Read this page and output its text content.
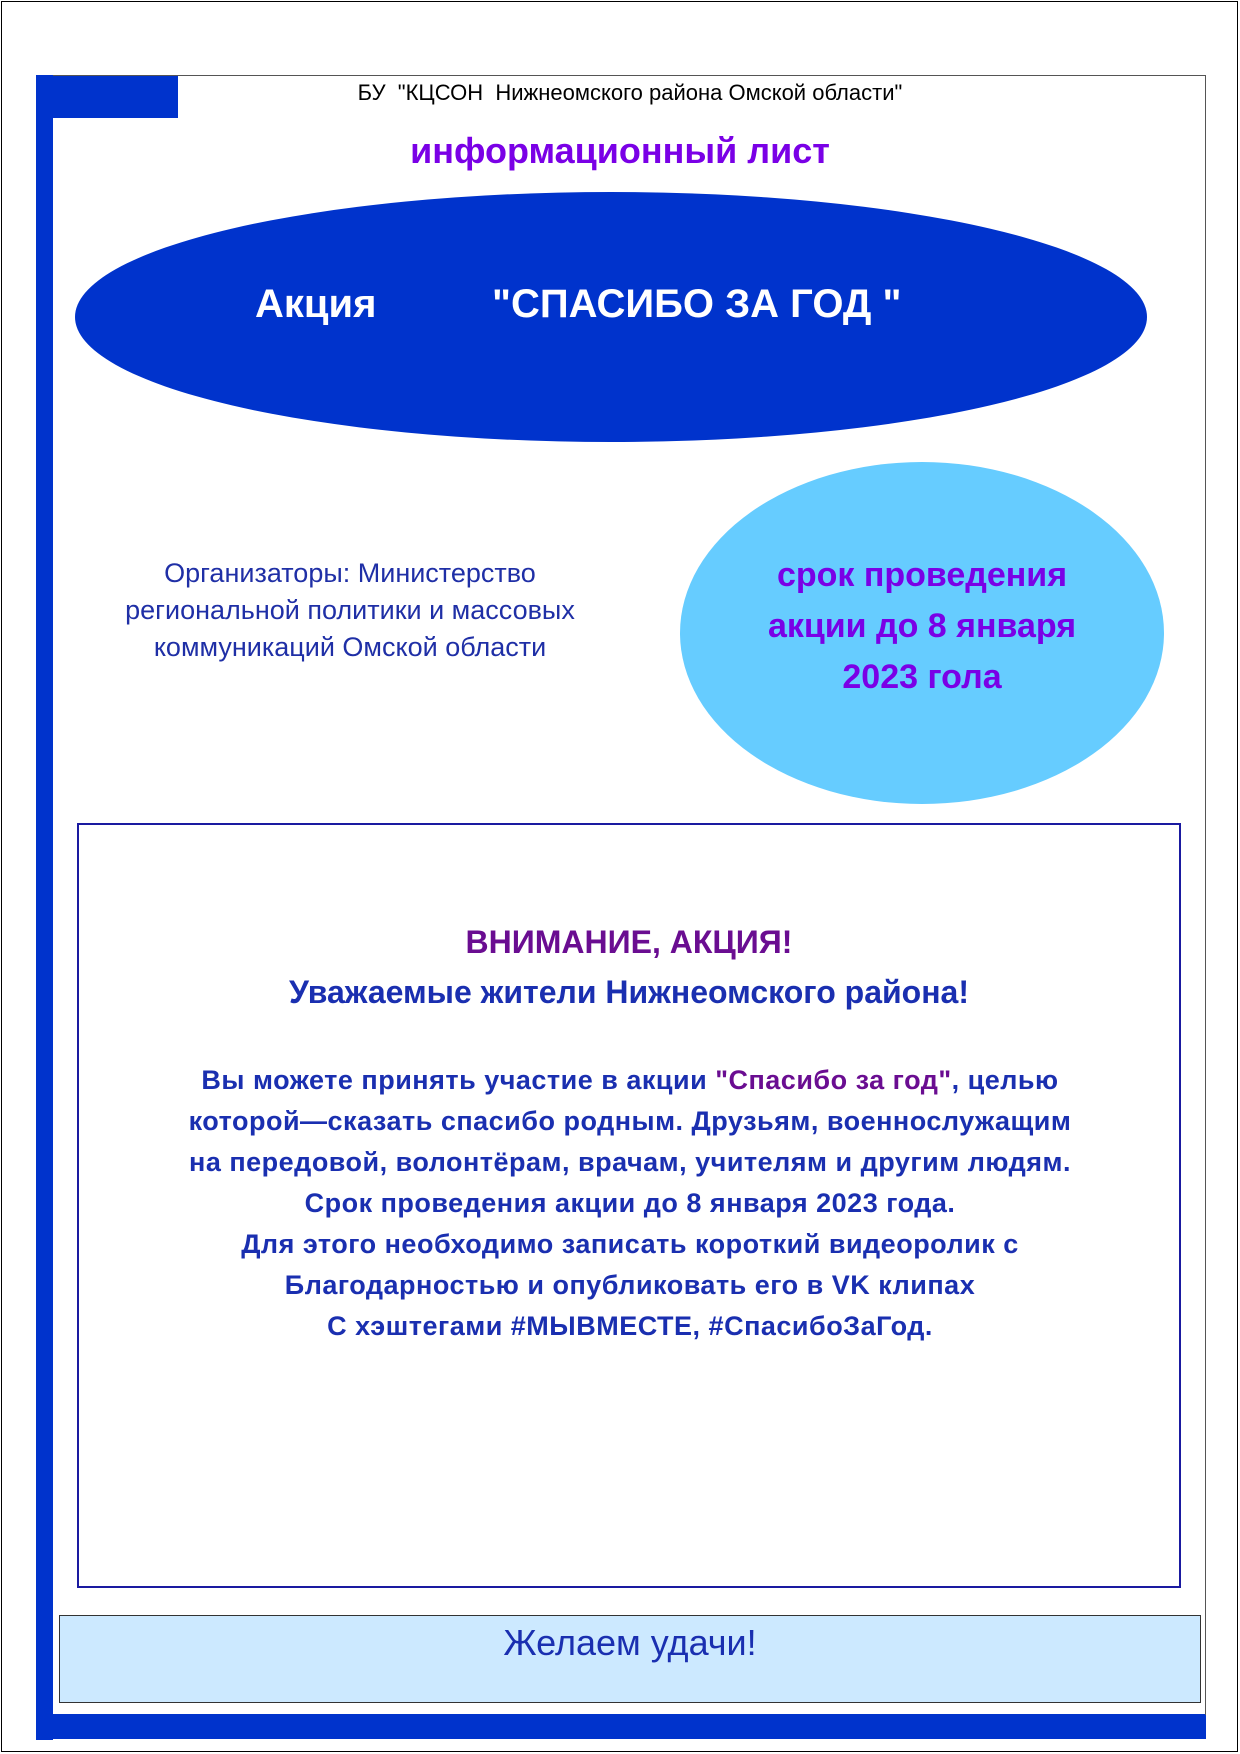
БУ  "КЦСОН  Нижнеомского района Омской области"
информационный лист
Акция	"СПАСИБО ЗА ГОД "
Организаторы: Министерство
региональной политики и массовых
коммуникаций Омской области
срок проведения
акции до 8 января
2023 гола
ВНИМАНИЕ, АКЦИЯ!
Уважаемые жители Нижнеомского района!
Вы можете принять участие в акции "Спасибо за год", целью
которой—сказать спасибо родным. Друзьям, военнослужащим
на передовой, волонтёрам, врачам, учителям и другим людям.
Срок проведения акции до 8 января 2023 года.
Для этого необходимо записать короткий видеоролик с
Благодарностью и опубликовать его в VK клипах
С хэштегами #МЫВМЕСТЕ, #СпасибоЗаГод.
Желаем удачи!
